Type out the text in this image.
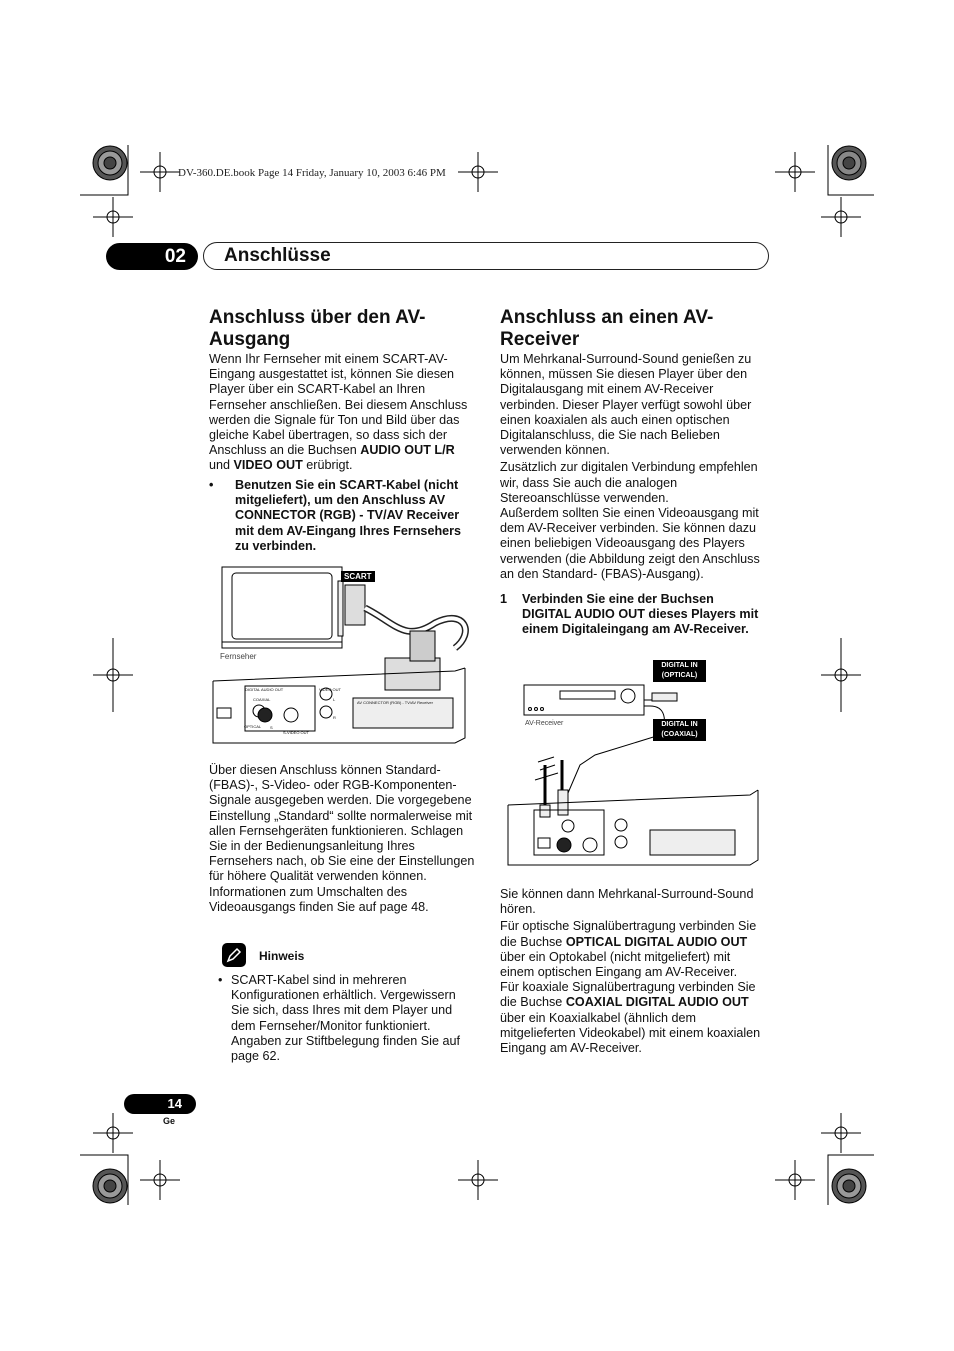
DV-360.DE.book Page 14 Friday, January 10, 2003 6:46 PM
02	Anschlüsse
Anschluss über den AV-Ausgang

Wenn Ihr Fernseher mit einem SCART-AV-Eingang ausgestattet ist, können Sie diesen Player über ein SCART-Kabel an Ihren Fernseher anschließen. Bei diesem Anschluss werden die Signale für Ton und Bild über das gleiche Kabel übertragen, so dass sich der Anschluss an die Buchsen AUDIO OUT L/R und VIDEO OUT erübrigt.

•	Benutzen Sie ein SCART-Kabel (nicht mitgeliefert), um den Anschluss AV CONNECTOR (RGB) - TV/AV Receiver mit dem AV-Eingang Ihres Fernsehers zu verbinden.
SCART
Fernseher
DIGITAL AUDIO OUT
COAXIAL
OPTICAL
VIDEO OUT
AV CONNECTOR (RGB) - TV/AV Receiver
S
S-VIDEO OUT
L
R
Über diesen Anschluss können Standard-(FBAS)-, S-Video- oder RGB-Komponenten-Signale ausgegeben werden. Die vorgegebene Einstellung „Standard“ sollte normalerweise mit allen Fernsehgeräten funktionieren. Schlagen Sie in der Bedienungsanleitung Ihres Fernsehers nach, ob Sie eine der Einstellungen für höhere Qualität verwenden können. Informationen zum Umschalten des Videoausgangs finden Sie auf page 48.
Hinweis
• SCART-Kabel sind in mehreren Konfigurationen erhältlich. Vergewissern Sie sich, dass Ihres mit dem Player und dem Fernseher/Monitor funktioniert. Angaben zur Stiftbelegung finden Sie auf page 62.
Anschluss an einen AV-Receiver

Um Mehrkanal-Surround-Sound genießen zu können, müssen Sie diesen Player über den Digitalausgang mit einem AV-Receiver verbinden. Dieser Player verfügt sowohl über einen koaxialen als auch einen optischen Digitalanschluss, die Sie nach Belieben verwenden können.

Zusätzlich zur digitalen Verbindung empfehlen wir, dass Sie auch die analogen Stereoanschlüsse verwenden.

Außerdem sollten Sie einen Videoausgang mit dem AV-Receiver verbinden. Sie können dazu einen beliebigen Videoausgang des Players verwenden (die Abbildung zeigt den Anschluss an den Standard- (FBAS)-Ausgang).

1	Verbinden Sie eine der Buchsen DIGITAL AUDIO OUT dieses Players mit einem Digitaleingang am AV-Receiver.
DIGITAL IN
(OPTICAL)
DIGITAL IN
(COAXIAL)
AV-Receiver

Sie können dann Mehrkanal-Surround-Sound hören.

Für optische Signalübertragung verbinden Sie die Buchse OPTICAL DIGITAL AUDIO OUT über ein Optokabel (nicht mitgeliefert) mit einem optischen Eingang am AV-Receiver.

Für koaxiale Signalübertragung verbinden Sie die Buchse COAXIAL DIGITAL AUDIO OUT über ein Koaxialkabel (ähnlich dem mitgelieferten Videokabel) mit einem koaxialen Eingang am AV-Receiver.

14
Ge
